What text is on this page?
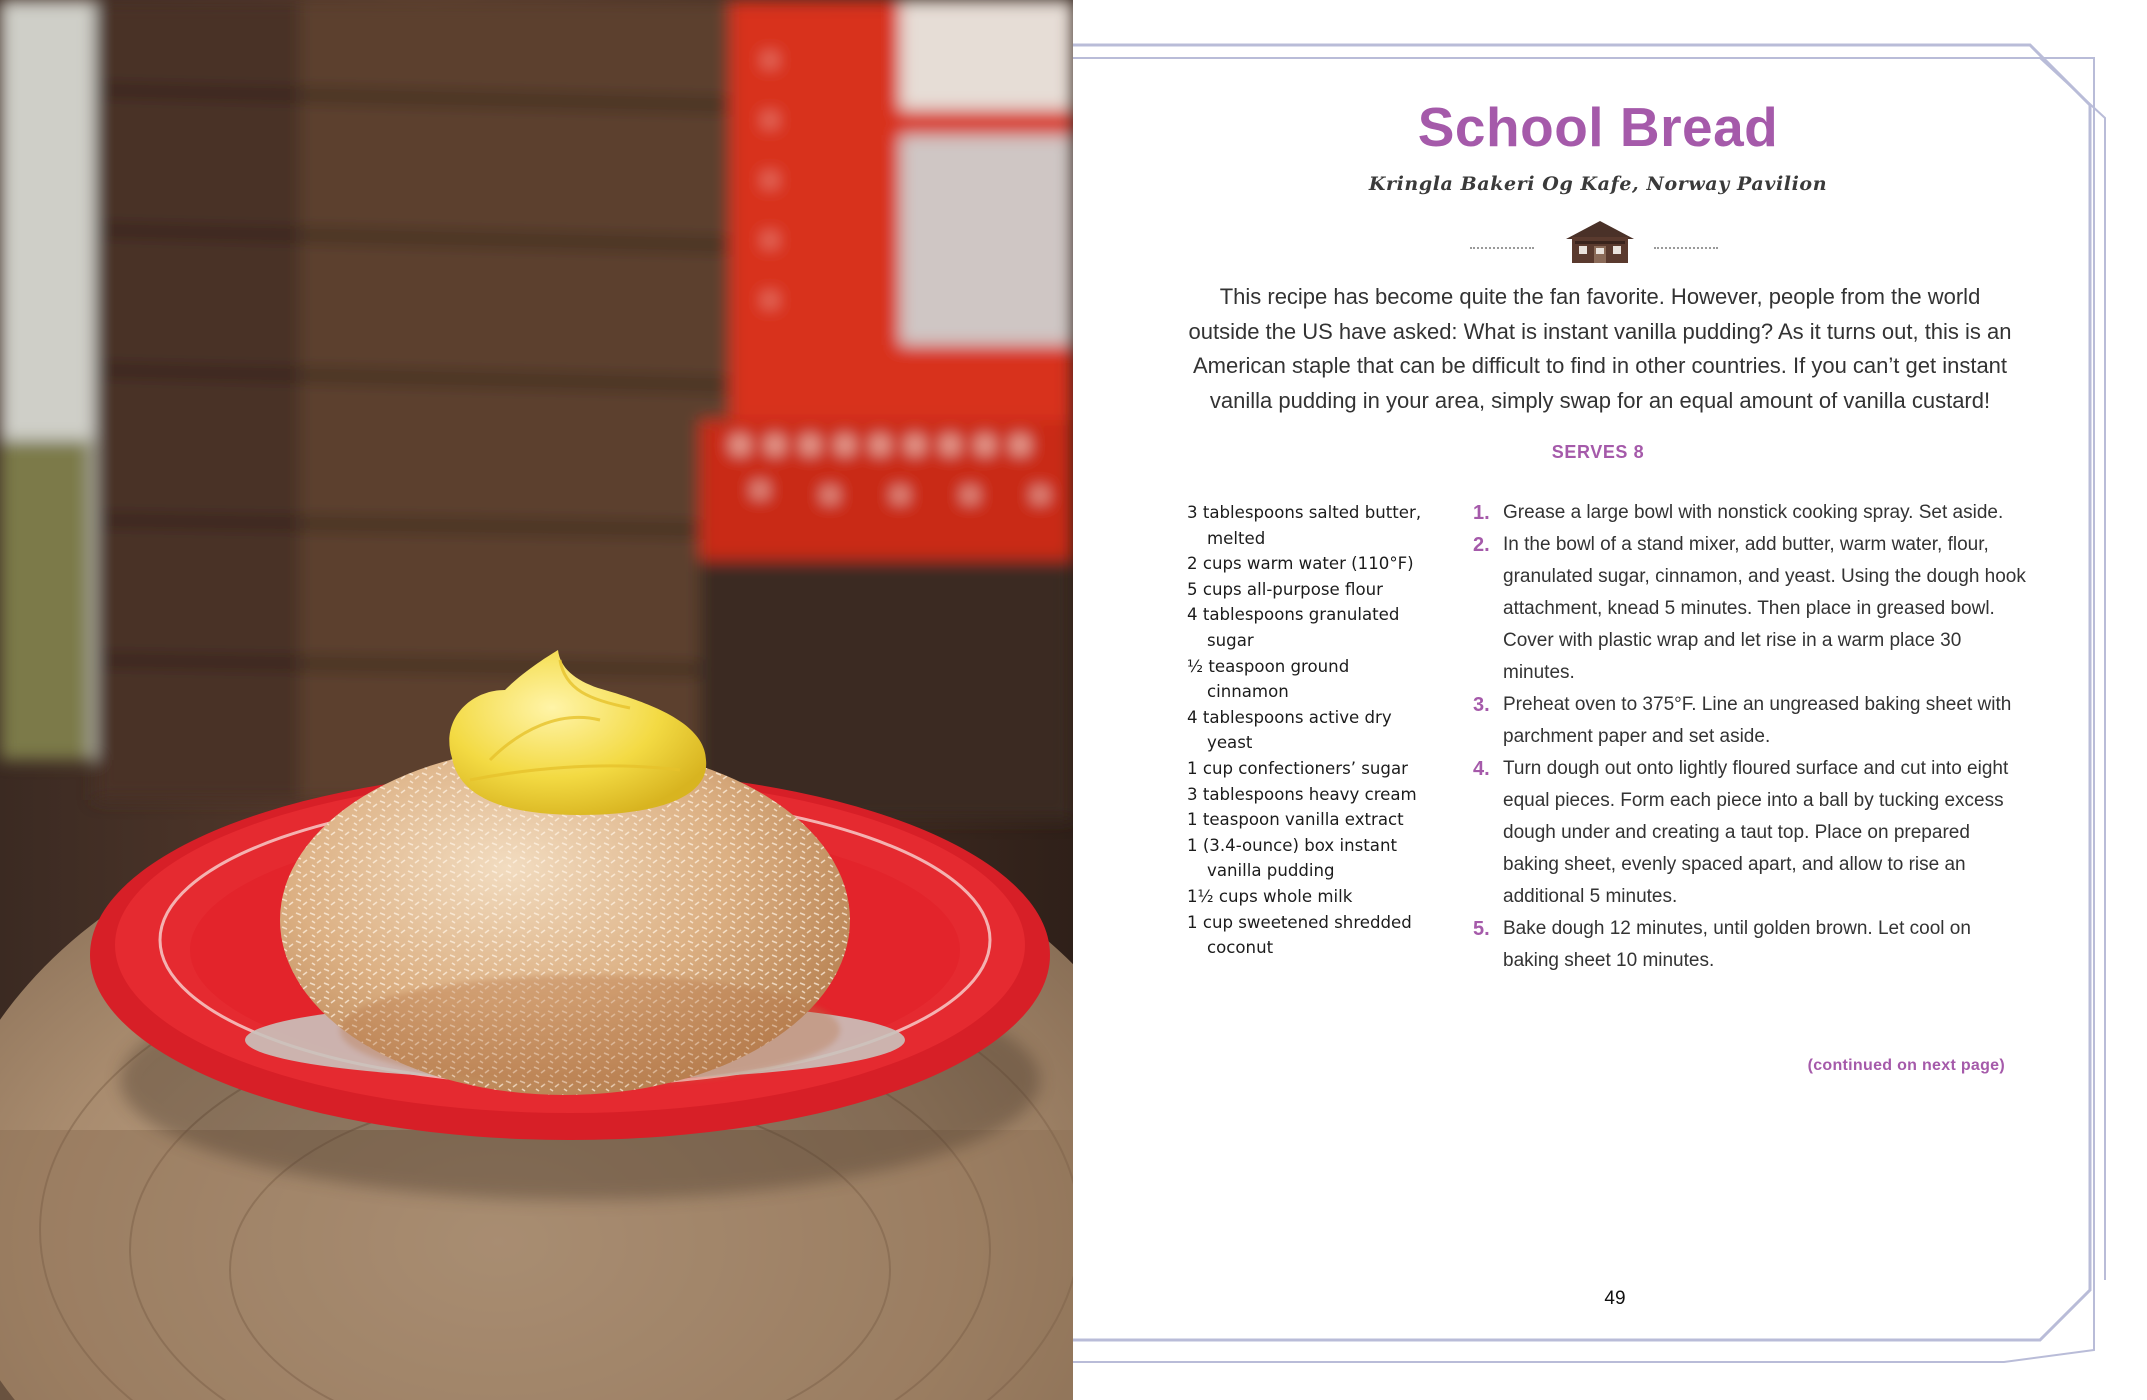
School Bread
Kringla Bakeri Og Kafe, Norway Pavilion
This recipe has become quite the fan favorite. However, people from the world outside the US have asked: What is instant vanilla pudding? As it turns out, this is an American staple that can be difficult to find in other countries. If you can’t get instant vanilla pudding in your area, simply swap for an equal amount of vanilla custard!
SERVES 8
3 tablespoons salted butter, melted
2 cups warm water (110°F)
5 cups all-purpose flour
4 tablespoons granulated sugar
½ teaspoon ground cinnamon
4 tablespoons active dry yeast
1 cup confectioners’ sugar
3 tablespoons heavy cream
1 teaspoon vanilla extract
1 (3.4-ounce) box instant vanilla pudding
1½ cups whole milk
1 cup sweetened shredded coconut
1. Grease a large bowl with nonstick cooking spray. Set aside.
2. In the bowl of a stand mixer, add butter, warm water, flour, granulated sugar, cinnamon, and yeast. Using the dough hook attachment, knead 5 minutes. Then place in greased bowl. Cover with plastic wrap and let rise in a warm place 30 minutes.
3. Preheat oven to 375°F. Line an ungreased baking sheet with parchment paper and set aside.
4. Turn dough out onto lightly floured surface and cut into eight equal pieces. Form each piece into a ball by tucking excess dough under and creating a taut top. Place on prepared baking sheet, evenly spaced apart, and allow to rise an additional 5 minutes.
5. Bake dough 12 minutes, until golden brown. Let cool on baking sheet 10 minutes.
(continued on next page)
49
